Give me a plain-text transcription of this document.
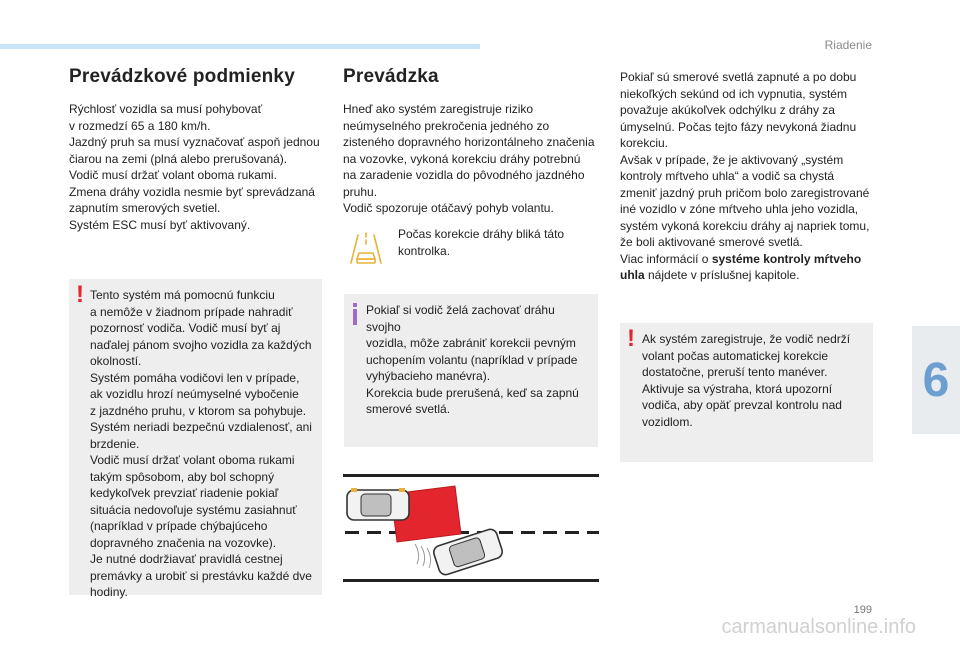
Riadenie
6
Prevádzkové podmienky

Rýchlosť vozidla sa musí pohybovať

v rozmedzí 65 a 180 km/h.

Jazdný pruh sa musí vyznačovať aspoň jednou

čiarou na zemi (plná alebo prerušovaná).

Vodič musí držať volant oboma rukami.

Zmena dráhy vozidla nesmie byť sprevádzaná

zapnutím smerových svetiel.

Systém ESC musí byť aktivovaný.

! Tento systém má pomocnú funkciu

a nemôže v žiadnom prípade nahradiť

pozornosť vodiča. Vodič musí byť aj

naďalej pánom svojho vozidla za každých

okolností.

Systém pomáha vodičovi len v prípade,

ak vozidlu hrozí neúmyselné vybočenie

z jazdného pruhu, v ktorom sa pohybuje.

Systém neriadi bezpečnú vzdialenosť, ani

brzdenie.

Vodič musí držať volant oboma rukami

takým spôsobom, aby bol schopný

kedykoľvek prevziať riadenie pokiaľ

situácia nedovoľuje systému zasiahnuť

(napríklad v prípade chýbajúceho

dopravného značenia na vozovke).

Je nutné dodržiavať pravidlá cestnej

premávky a urobiť si prestávku každé dve

hodiny.

Prevádzka

Hneď ako systém zaregistruje riziko

neúmyselného prekročenia jedného zo

zisteného dopravného horizontálneho značenia

na vozovke, vykoná korekciu dráhy potrebnú

na zaradenie vozidla do pôvodného jazdného

pruhu.

Vodič spozoruje otáčavý pohyb volantu.

Počas korekcie dráhy bliká táto

kontrolka.

Pokiaľ si vodič želá zachovať dráhu svojho

vozidla, môže zabrániť korekcii pevným

uchopením volantu (napríklad v prípade

vyhýbacieho manévra).

Korekcia bude prerušená, keď sa zapnú

smerové svetlá.

Pokiaľ sú smerové svetlá zapnuté a po dobu

niekoľkých sekúnd od ich vypnutia, systém

považuje akúkoľvek odchýlku z dráhy za

úmyselnú. Počas tejto fázy nevykoná žiadnu

korekciu.

Avšak v prípade, že je aktivovaný „systém

kontroly mŕtveho uhla“ a vodič sa chystá

zmeniť jazdný pruh pričom bolo zaregistrované

iné vozidlo v zóne mŕtveho uhla jeho vozidla,

systém vykoná korekciu dráhy aj napriek tomu,

že boli aktivované smerové svetlá.

Viac informácií o systéme kontroly mŕtveho

uhla nájdete v príslušnej kapitole.

! Ak systém zaregistruje, že vodič nedrží

volant počas automatickej korekcie

dostatočne, preruší tento manéver.

Aktivuje sa výstraha, ktorá upozorní

vodiča, aby opäť prevzal kontrolu nad

vozidlom.

199
carmanualsonline.info
